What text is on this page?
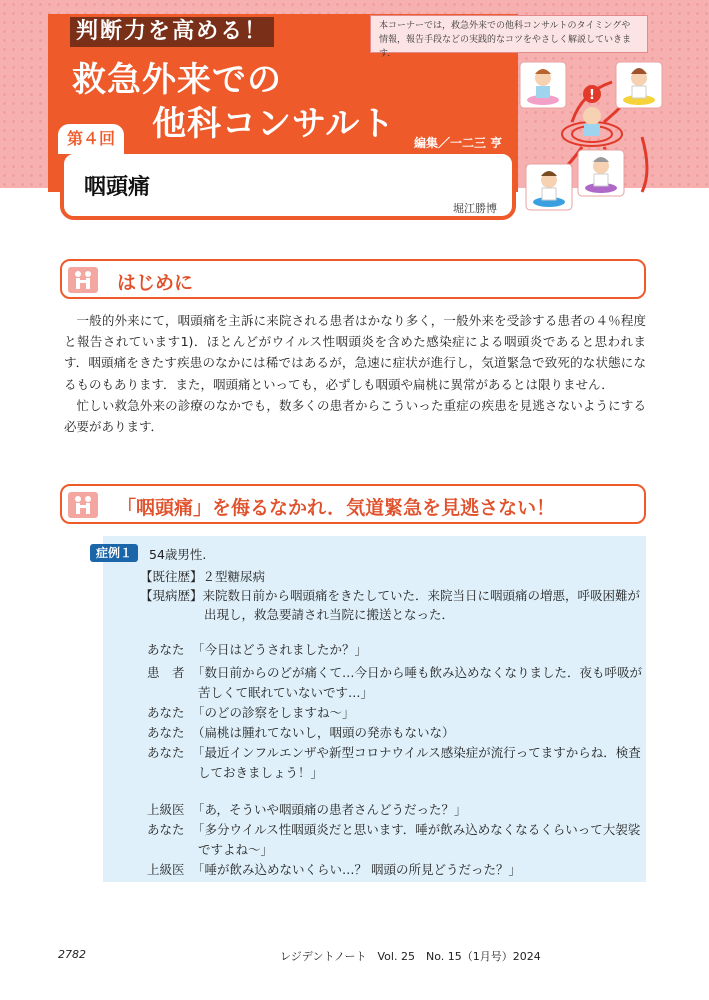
判断力を高める！
救急外来での
他科コンサルト 編集／一二三 亨
第４回
咽頭痛
堀江勝博
本コーナーでは，救急外来での他科コンサルトのタイミングや情報，報告手段などの実践的なコツをやさしく解説していきます．
!
はじめに

一般的外来にて，咽頭痛を主訴に来院される患者はかなり多く，一般外来を受診する患者の４％程度と報告されています1)．ほとんどがウイルス性咽頭炎を含めた感染症による咽頭炎であると思われます．咽頭痛をきたす疾患のなかには稀ではあるが，急速に症状が進行し，気道緊急で致死的な状態になるものもあります．また，咽頭痛といっても，必ずしも咽頭や扁桃に異常があるとは限りません．

忙しい救急外来の診療のなかでも，数多くの患者からこういった重症の疾患を見逃さないようにする必要があります．

「咽頭痛」を侮るなかれ．気道緊急を見逃さない！
症例１	54歳男性.
【既往歴】２型糖尿病
【現病歴】来院数日前から咽頭痛をきたしていた．来院当日に咽頭痛の増悪，呼吸困難が
出現し，救急要請され当院に搬送となった．
あなた 「今日はどうされましたか？」
患　者 「数日前からのどが痛くて…今日から唾も飲み込めなくなりました．夜も呼吸が
苦しくて眠れていないです…」
あなた 「のどの診察をしますね～」
あなた （扁桃は腫れてないし，咽頭の発赤もないな）
あなた 「最近インフルエンザや新型コロナウイルス感染症が流行ってますからね．検査
しておきましょう！」
上級医 「あ，そういや咽頭痛の患者さんどうだった？」
あなた 「多分ウイルス性咽頭炎だと思います．唾が飲み込めなくなるくらいって大袈裟
ですよね～」
上級医 「唾が飲み込めないくらい…？ 咽頭の所見どうだった？」
2782	レジデントノート　Vol. 25　No. 15（1月号）2024
